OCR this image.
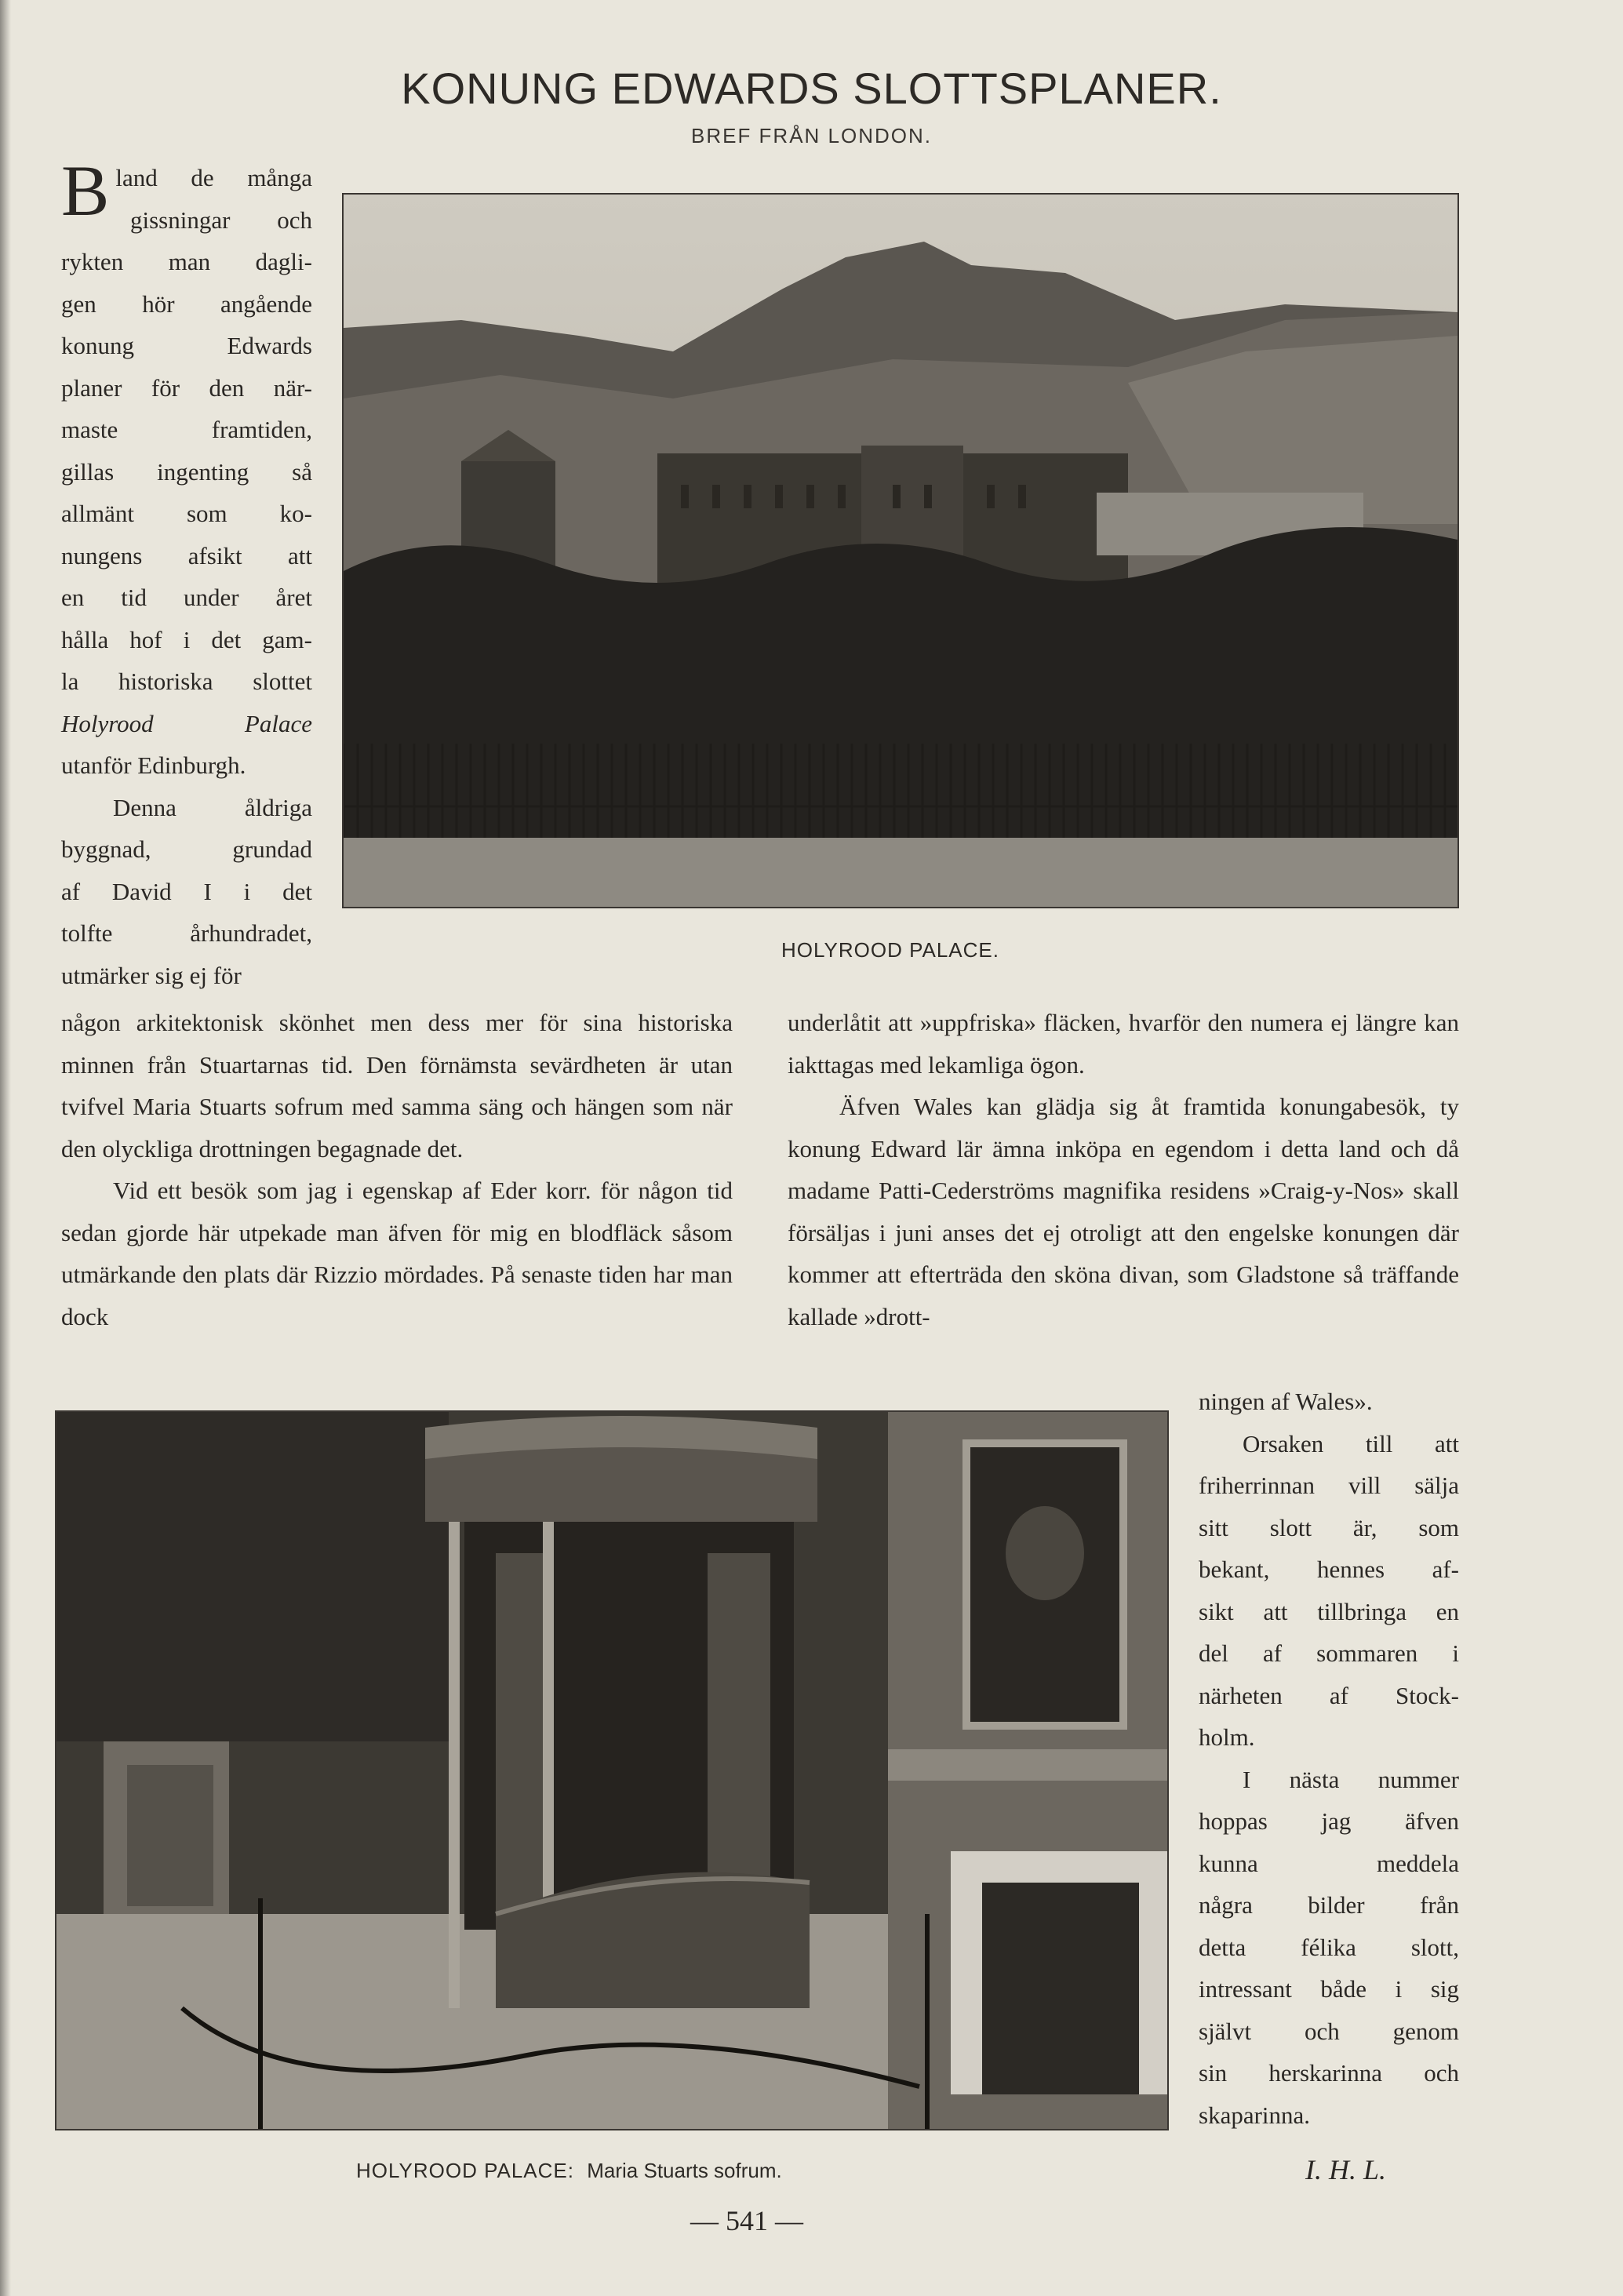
KONUNG EDWARDS SLOTTSPLANER.
BREF FRÅN LONDON.
B land de många
gissningar och
rykten man dagli-
gen hör angående
konung Edwards
planer för den när-
maste framtiden,
gillas ingenting så
allmänt som ko-
nungens afsikt att
en tid under året
hålla hof i det gam-
la historiska slottet
Holyrood Palace
utanför Edinburgh.
Denna åldriga
byggnad, grundad
af David I i det
tolfte århundradet,
utmärker sig ej för
HOLYROOD PALACE.

någon arkitektonisk skönhet men dess mer för sina historiska minnen från Stuartarnas tid. Den förnämsta sevärdheten är utan tvifvel Maria Stuarts sofrum med samma säng och hängen som när den olyckliga drottningen begagnade det.

Vid ett besök som jag i egenskap af Eder korr. för någon tid sedan gjorde här utpekade man äfven för mig en blodfläck såsom utmärkande den plats där Rizzio mördades. På senaste tiden har man dock

underlåtit att »uppfriska» fläcken, hvarför den numera ej längre kan iakttagas med lekamliga ögon.

Äfven Wales kan glädja sig åt framtida konungabesök, ty konung Edward lär ämna inköpa en egendom i detta land och då madame Patti-Cederströms magnifika residens »Craig-y-Nos» skall försäljas i juni anses det ej otroligt att den engelske konungen där kommer att efterträda den sköna divan, som Gladstone så träffande kallade »drott-

ningen af Wales».
Orsaken till att
friherrinnan vill sälja
sitt slott är, som
bekant, hennes af-
sikt att tillbringa en
del af sommaren i
närheten af Stock-
holm.
I nästa nummer
hoppas jag äfven
kunna meddela
några bilder från
detta félika slott,
intressant både i sig
självt och genom
sin herskarinna och
skaparinna.
HOLYROOD PALACE: Maria Stuarts sofrum.	I. H. L.
— 541 —
